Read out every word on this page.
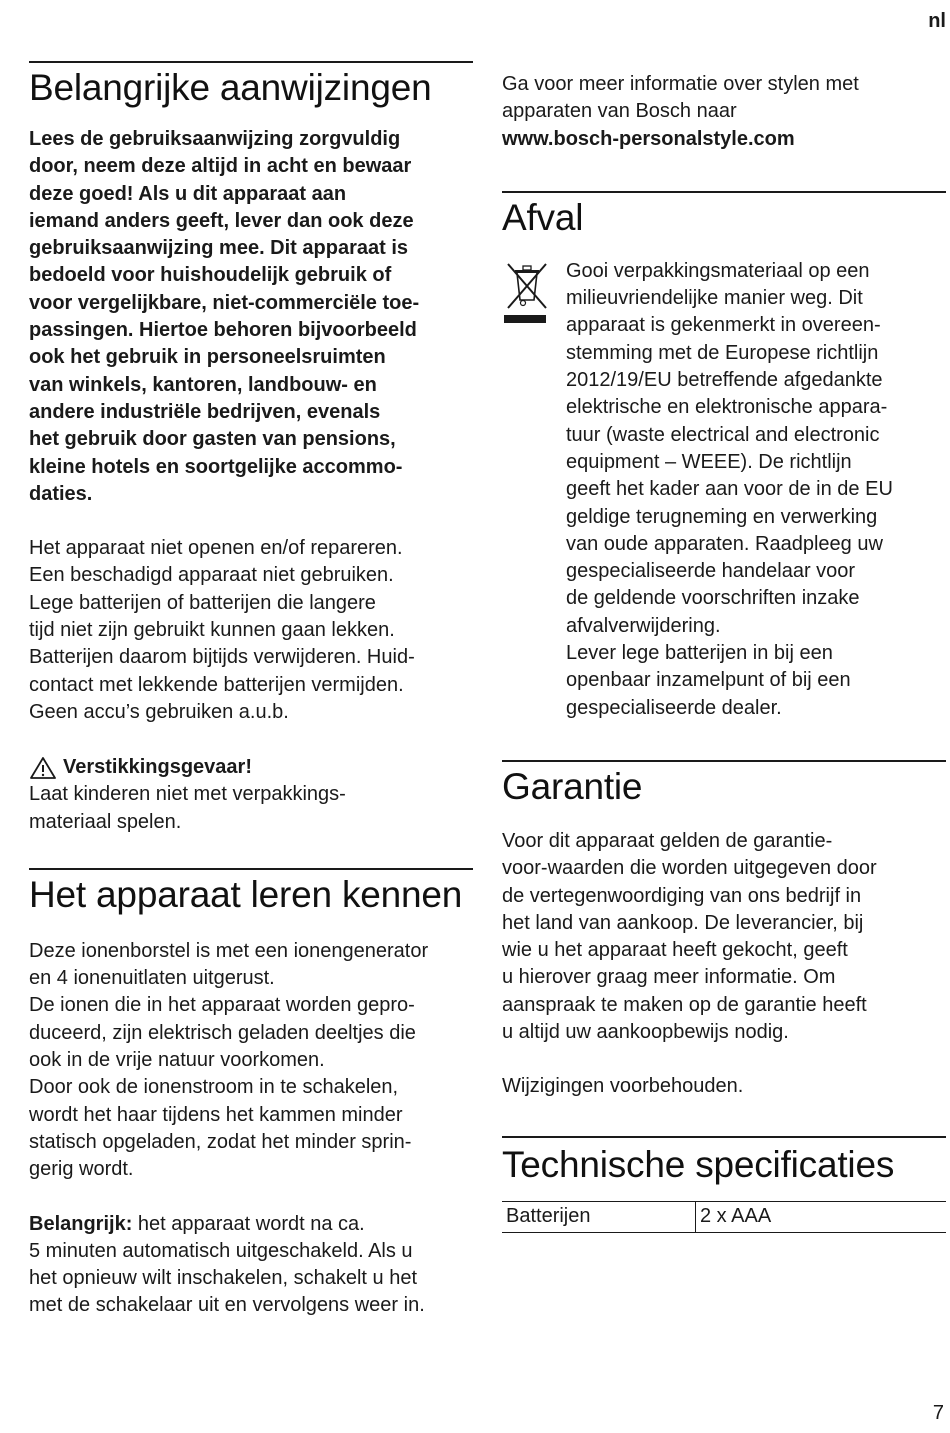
nl
Belangrijke aanwijzingen

Lees de gebruiksaanwijzing zorgvuldig

door, neem deze altijd in acht en bewaar

deze goed! Als u dit apparaat aan

iemand anders geeft, lever dan ook deze

gebruiksaanwijzing mee. Dit apparaat is

bedoeld voor huishoudelijk gebruik of

voor vergelijkbare, niet-commerciële toe-

passingen. Hiertoe behoren bijvoorbeeld

ook het gebruik in personeelsruimten

van winkels, kantoren, landbouw- en

andere industriële bedrijven, evenals

het gebruik door gasten van pensions,

kleine hotels en soortgelijke accommo-

daties.

Het apparaat niet openen en/of repareren.

Een beschadigd apparaat niet gebruiken.

Lege batterijen of batterijen die langere

tijd niet zijn gebruikt kunnen gaan lekken.

Batterijen daarom bijtijds verwijderen. Huid-

contact met lekkende batterijen vermijden.

Geen accu’s gebruiken a.u.b.

Verstikkingsgevaar!

Laat kinderen niet met verpakkings-

materiaal spelen.

Het apparaat leren kennen

Deze ionenborstel is met een ionengenerator

en 4 ionenuitlaten uitgerust.

De ionen die in het apparaat worden gepro-

duceerd, zijn elektrisch geladen deeltjes die

ook in de vrije natuur voorkomen.

Door ook de ionenstroom in te schakelen,

wordt het haar tijdens het kammen minder

statisch opgeladen, zodat het minder sprin-

gerig wordt.

Belangrijk: het apparaat wordt na ca.

5 minuten automatisch uitgeschakeld. Als u

het opnieuw wilt inschakelen, schakelt u het

met de schakelaar uit en vervolgens weer in.

Ga voor meer informatie over stylen met

apparaten van Bosch naar

www.bosch-personalstyle.com

Afval

Gooi verpakkingsmateriaal op een

milieuvriendelijke manier weg. Dit

apparaat is gekenmerkt in overeen-

stemming met de Europese richtlijn

2012/19/EU betreffende afgedankte

elektrische en elektronische appara-

tuur (waste electrical and electronic

equipment – WEEE). De richtlijn

geeft het kader aan voor de in de EU

geldige terugneming en verwerking

van oude apparaten. Raadpleeg uw

gespecialiseerde handelaar voor

de geldende voorschriften inzake

afvalverwijdering.

Lever lege batterijen in bij een

openbaar inzamelpunt of bij een

gespecialiseerde dealer.

Garantie

Voor dit apparaat gelden de garantie-

voor-waarden die worden uitgegeven door

de vertegenwoordiging van ons bedrijf in

het land van aankoop. De leverancier, bij

wie u het apparaat heeft gekocht, geeft

u hierover graag meer informatie. Om

aanspraak te maken op de garantie heeft

u altijd uw aankoopbewijs nodig.

Wijzigingen voorbehouden.

Technische specificaties
Batterijen	2 x AAA
7
